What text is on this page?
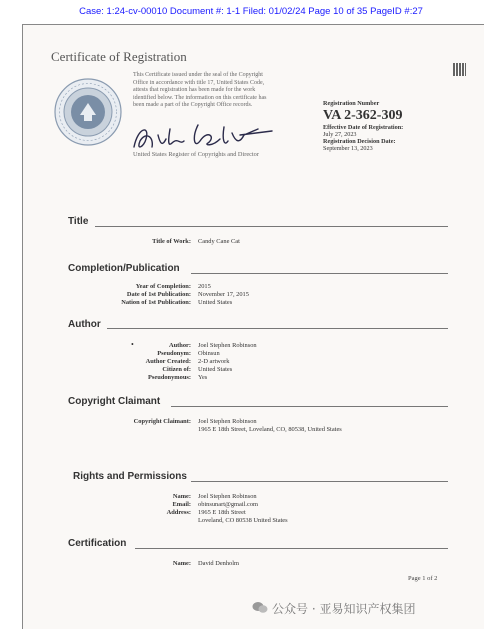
Case: 1:24-cv-00010 Document #: 1-1 Filed: 01/02/24 Page 10 of 35 PageID #:27
Certificate of Registration
This Certificate issued under the seal of the Copyright
Office in accordance with title 17, United States Code,
attests that registration has been made for the work
identified below. The information on this certificate has
been made a part of the Copyright Office records.
United States Register of Copyrights and Director
Registration Number
VA 2-362-309
Effective Date of Registration:
July 27, 2023
Registration Decision Date:
September 13, 2023
Title
Title of Work: Candy Cane Cat
Completion/Publication
Year of Completion: 2015
Date of 1st Publication: November 17, 2015
Nation of 1st Publication: United States
Author
•	Author: Joel Stephen Robinson
Pseudonym: Obinsun
Author Created: 2-D artwork
Citizen of: United States
Pseudonymous: Yes
Copyright Claimant
Copyright Claimant: Joel Stephen Robinson
1965 E 18th Street, Loveland, CO, 80538, United States
Rights and Permissions
Name: Joel Stephen Robinson
Email: obinsunart@gmail.com
Address: 1965 E 18th Street
Loveland, CO 80538 United States
Certification
Name: David Denholm
Page 1 of 2
公众号 · 亚易知识产权集团
